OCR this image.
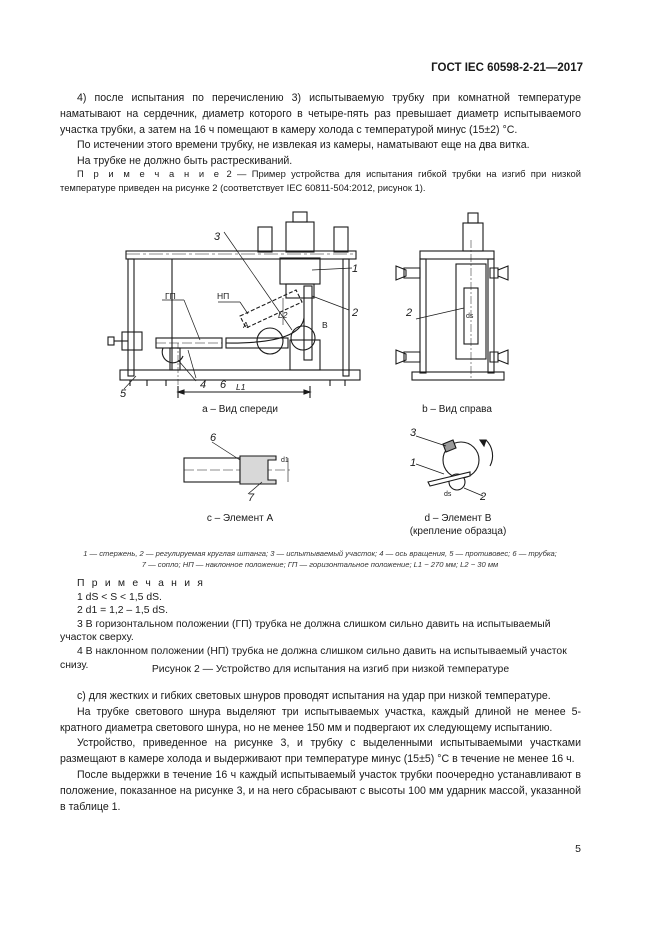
ГОСТ IEC 60598-2-21—2017

4) после испытания по перечислению 3) испытываемую трубку при комнатной температуре наматывают на сердечник, диаметр которого в четыре-пять раз превышает диаметр испытываемого участка трубки, а затем на 16 ч помещают в камеру холода с температурой минус (15±2) °С.

По истечении этого времени трубку, не извлекая из камеры, наматывают еще на два витка.

На трубке не должно быть растрескиваний.

П р и м е ч а н и е 2 — Пример устройства для испытания гибкой трубки на изгиб при низкой температуре приведен на рисунке 2 (соответствует IEC 60811-504:2012, рисунок 1).

3
1
2
5
4 6
2
6
7
3
1
2
НП
ГП
A	B
L2
L1
d1
ds
ds
a – Вид спереди	b – Вид справа
c – Элемент А	d – Элемент B
(крепление образца)
1 — стержень, 2 — регулируемая круглая штанга; 3 — испытываемый участок; 4 — ось вращения, 5 — противовес; 6 — трубка;
7 — сопло; НП — наклонное положение; ГП — горизонтальное положение; L1 ~ 270 мм; L2 ~ 30 мм
П р и м е ч а н и я
1 dS < S < 1,5 dS.
2 d1 = 1,2 – 1,5 dS.
3 В горизонтальном положении (ГП) трубка не должна слишком сильно давить на испытываемый участок сверху.
4 В наклонном положении (НП) трубка не должна слишком сильно давить на испытываемый участок снизу.	Рисунок 2 — Устройство для испытания на изгиб при низкой температуре

с) для жестких и гибких световых шнуров проводят испытания на удар при низкой температуре.

На трубке светового шнура выделяют три испытываемых участка, каждый длиной не менее 5-кратного диаметра светового шнура, но не менее 150 мм и подвергают их следующему испытанию.

Устройство, приведенное на рисунке 3, и трубку с выделенными испытываемыми участками размещают в камере холода и выдерживают при температуре минус (15±5) °С в течение не менее 16 ч.

После выдержки в течение 16 ч каждый испытываемый участок трубки поочередно устанавливают в положение, показанное на рисунке 3, и на него сбрасывают с высоты 100 мм ударник массой, указанной в таблице 1.

5
